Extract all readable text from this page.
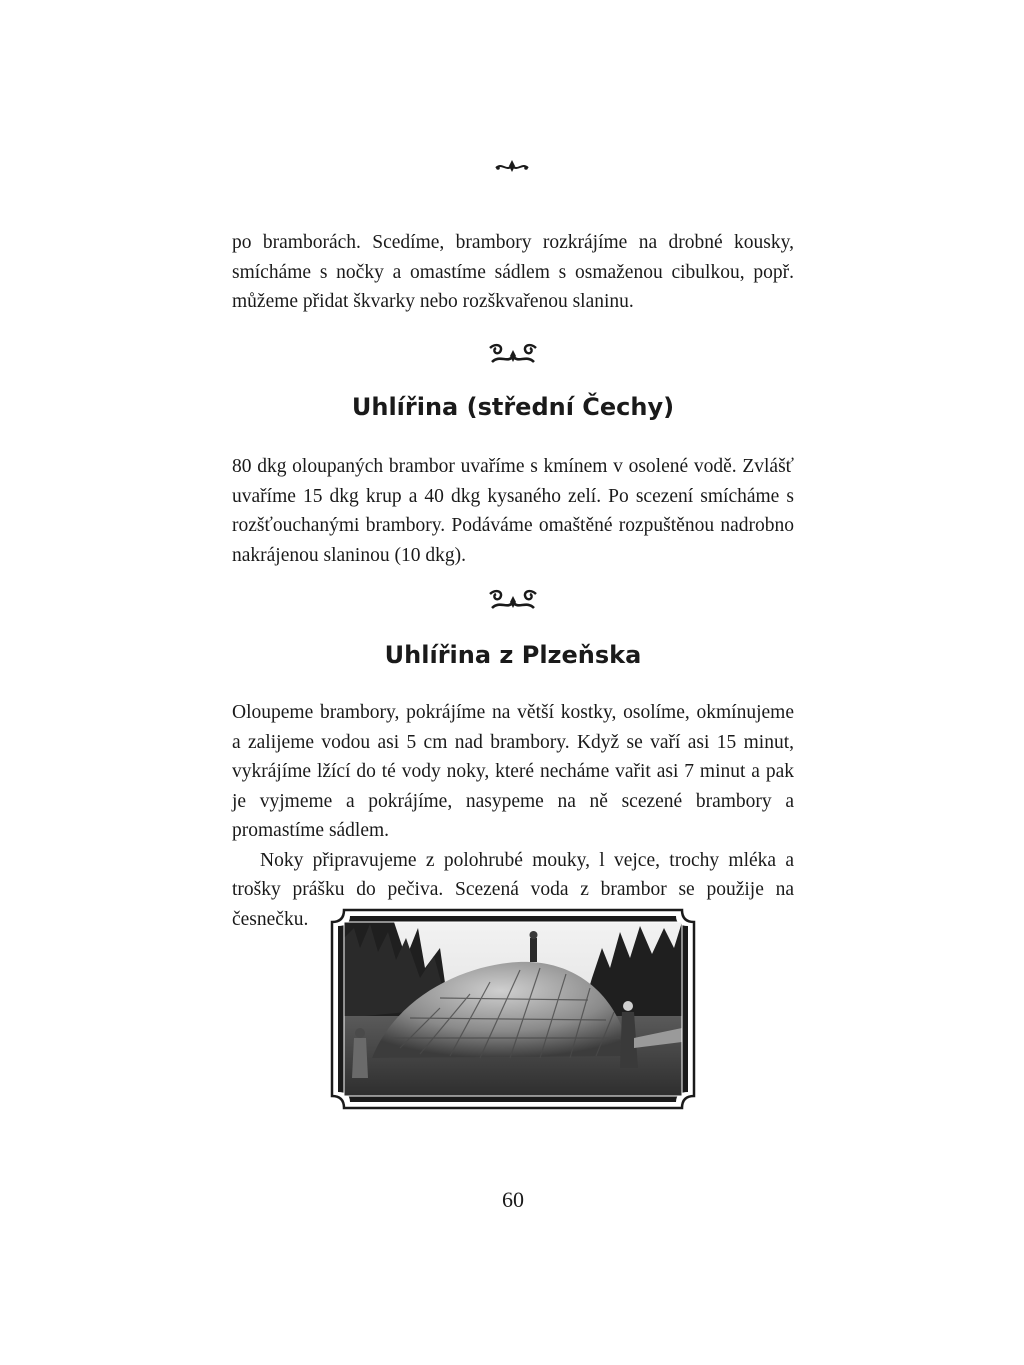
po bramborách. Scedíme, brambory rozkrájíme na drobné kousky, smícháme s nočky a omastíme sádlem s osmaženou cibulkou, popř. můžeme přidat škvarky nebo rozškvařenou slaninu.

Uhlířina (střední Čechy)

80 dkg oloupaných brambor uvaříme s kmínem v osolené vodě. Zvlášť uvaříme 15 dkg krup a 40 dkg kysaného zelí. Po scezení smícháme s rozšťouchanými brambory. Podáváme omaštěné rozpuštěnou nadrobno nakrájenou slaninou (10 dkg).

Uhlířina z Plzeňska

Oloupeme brambory, pokrájíme na větší kostky, osolíme, okmínujeme a zalijeme vodou asi 5 cm nad brambory. Když se vaří asi 15 minut, vykrájíme lžící do té vody noky, které necháme vařit asi 7 minut a pak je vyjmeme a pokrájíme, nasypeme na ně scezené brambory a promastíme sádlem.

Noky připravujeme z polohrubé mouky, l vejce, trochy mléka a trošky prášku do pečiva. Scezená voda z brambor se použije na česnečku.

60
